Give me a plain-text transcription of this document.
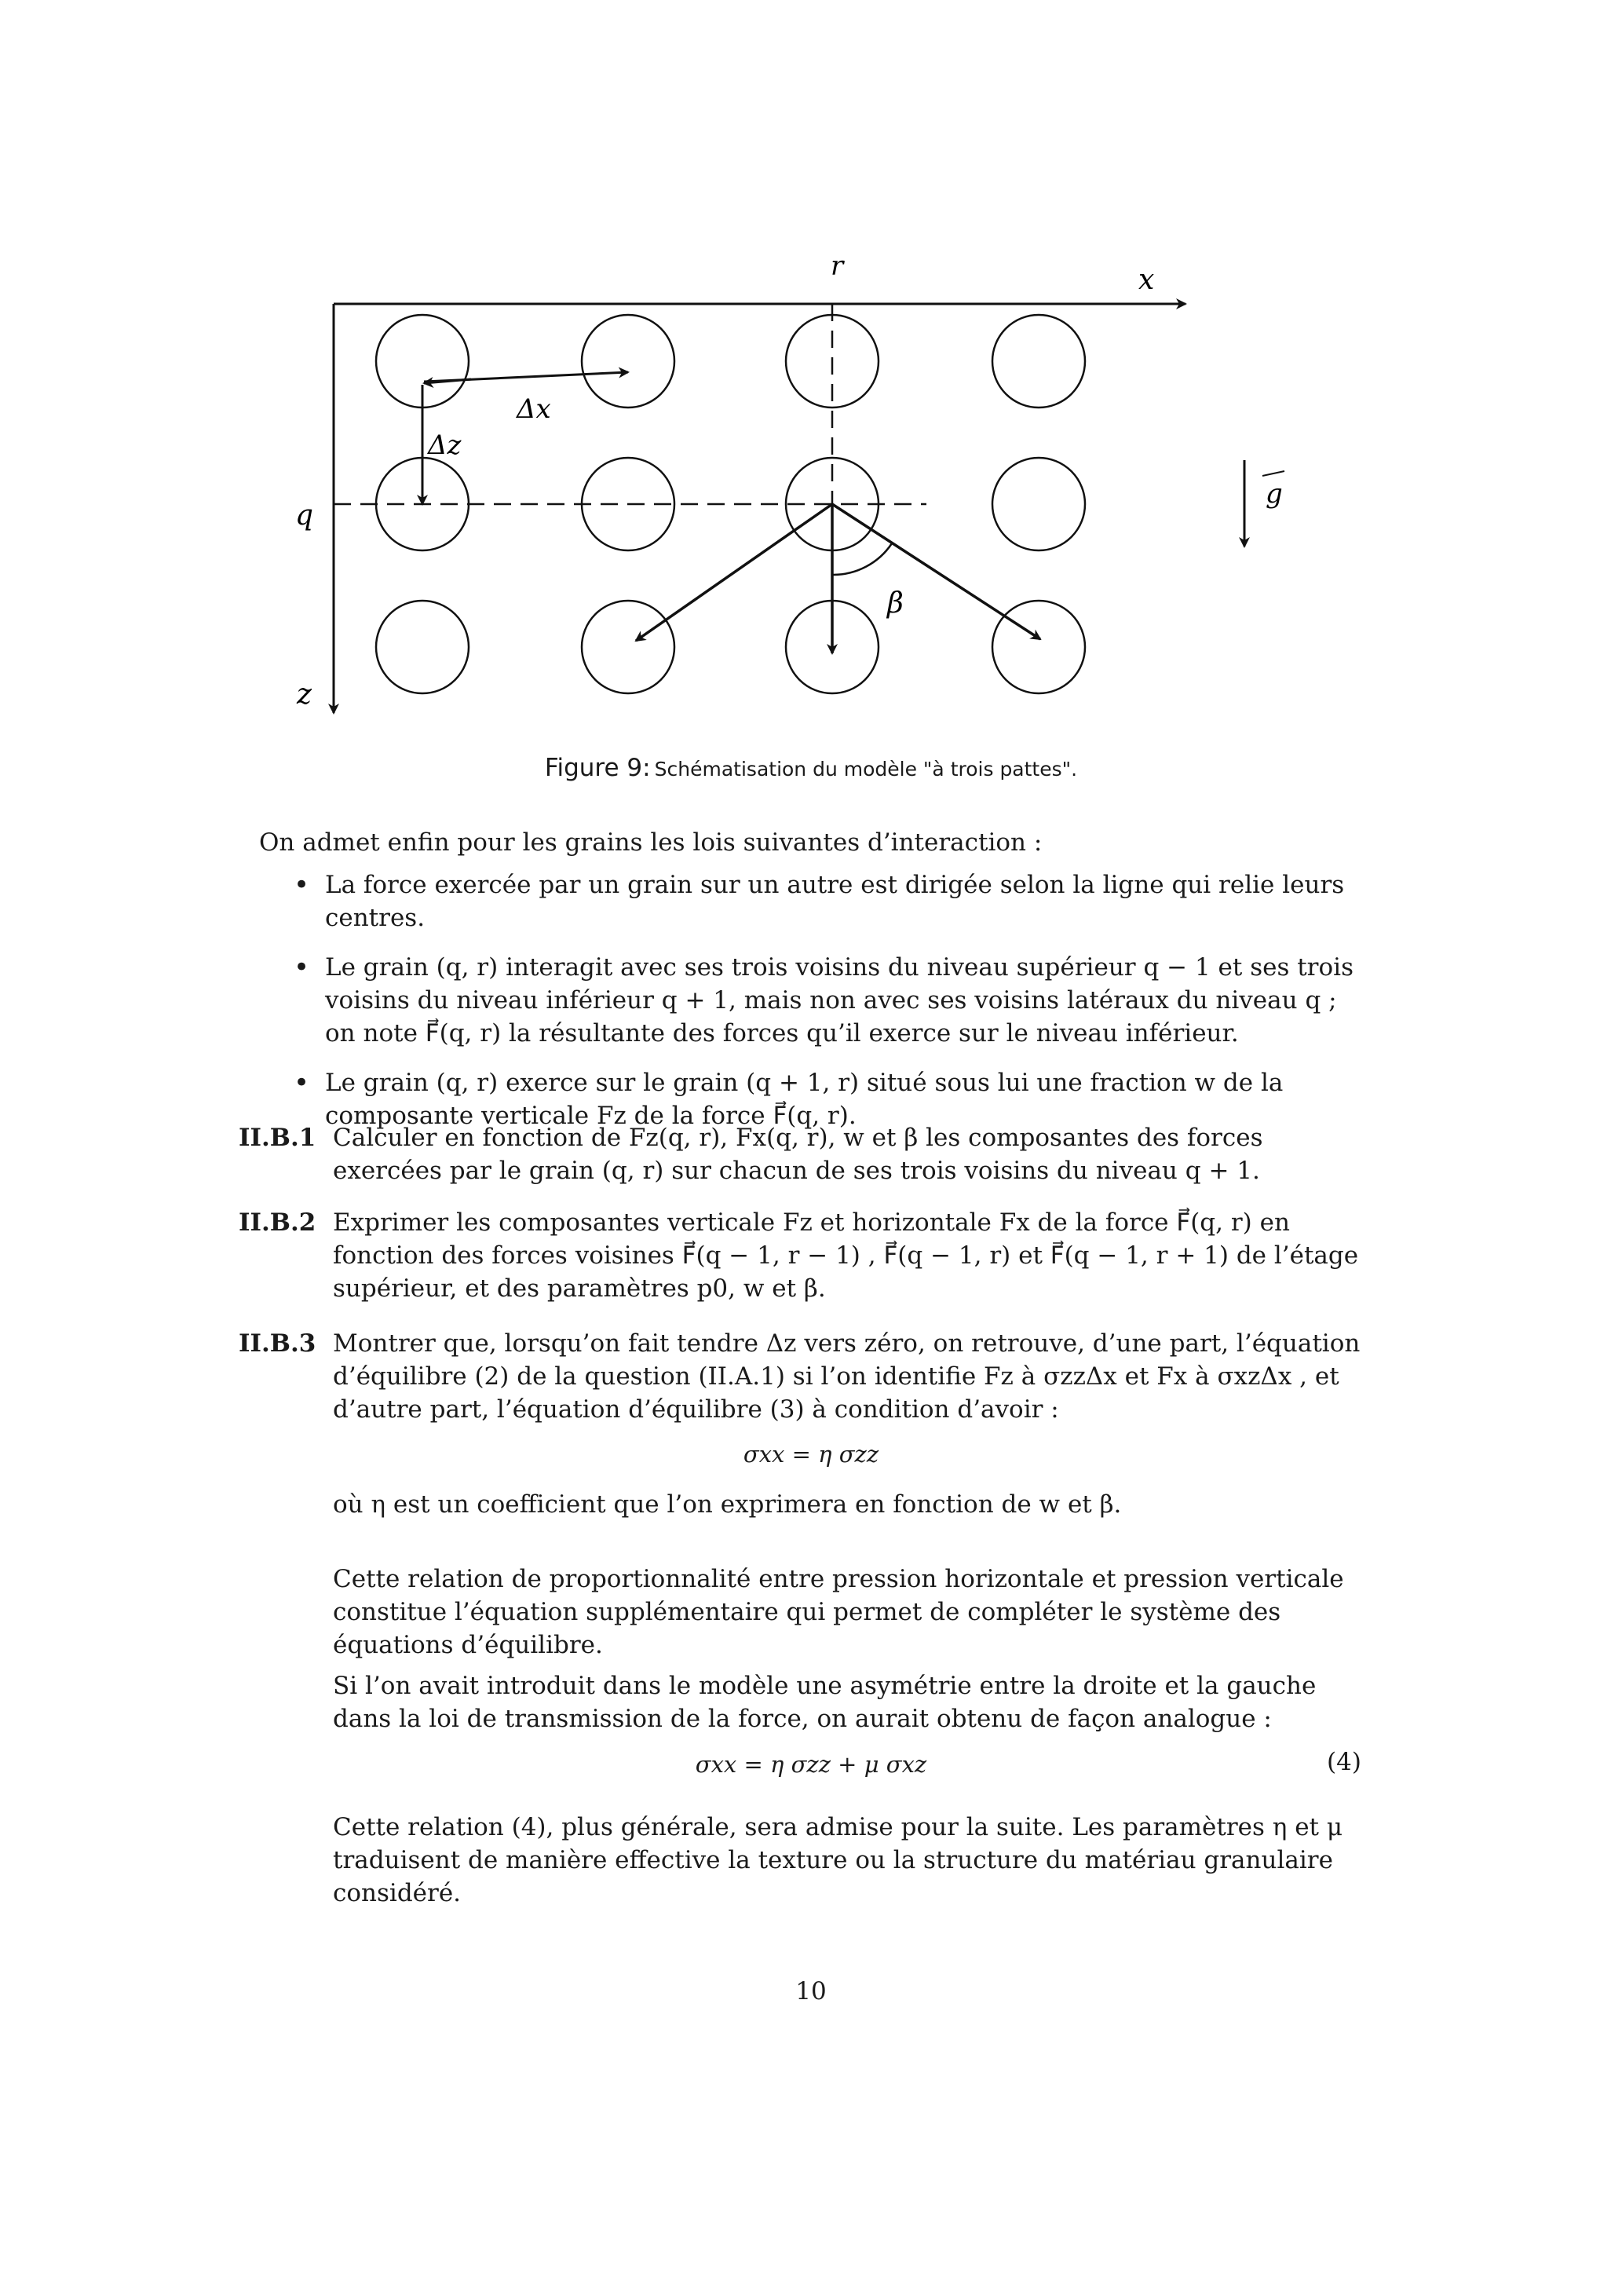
r	x
q
z
Δx
Δz
β
g
Figure 9: Schématisation du modèle "à trois pattes".
On admet enfin pour les grains les lois suivantes d’interaction :
• La force exercée par un grain sur un autre est dirigée selon la ligne qui relie leurs centres.
• Le grain (q, r) interagit avec ses trois voisins du niveau supérieur q − 1 et ses trois voisins du niveau inférieur q + 1, mais non avec ses voisins latéraux du niveau q ; on note F⃗(q, r) la résultante des forces qu’il exerce sur le niveau inférieur.
• Le grain (q, r) exerce sur le grain (q + 1, r) situé sous lui une fraction w de la composante verticale Fz de la force F⃗(q, r).
II.B.1 Calculer en fonction de Fz(q, r), Fx(q, r), w et β les composantes des forces exercées par le grain (q, r) sur chacun de ses trois voisins du niveau q + 1.
II.B.2 Exprimer les composantes verticale Fz et horizontale Fx de la force F⃗(q, r) en fonction des forces voisines F⃗(q − 1, r − 1) , F⃗(q − 1, r) et F⃗(q − 1, r + 1) de l’étage supérieur, et des paramètres p0, w et β.
II.B.3 Montrer que, lorsqu’on fait tendre Δz vers zéro, on retrouve, d’une part, l’équation d’équilibre (2) de la question (II.A.1) si l’on identifie Fz à σzzΔx et Fx à σxzΔx , et d’autre part, l’équation d’équilibre (3) à condition d’avoir :
σxx = η σzz
où η est un coefficient que l’on exprimera en fonction de w et β.
Cette relation de proportionnalité entre pression horizontale et pression verticale constitue l’équation supplémentaire qui permet de compléter le système des équations d’équilibre.
Si l’on avait introduit dans le modèle une asymétrie entre la droite et la gauche dans la loi de transmission de la force, on aurait obtenu de façon analogue :
σxx = η σzz + μ σxz	(4)
Cette relation (4), plus générale, sera admise pour la suite. Les paramètres η et μ traduisent de manière effective la texture ou la structure du matériau granulaire considéré.
10
